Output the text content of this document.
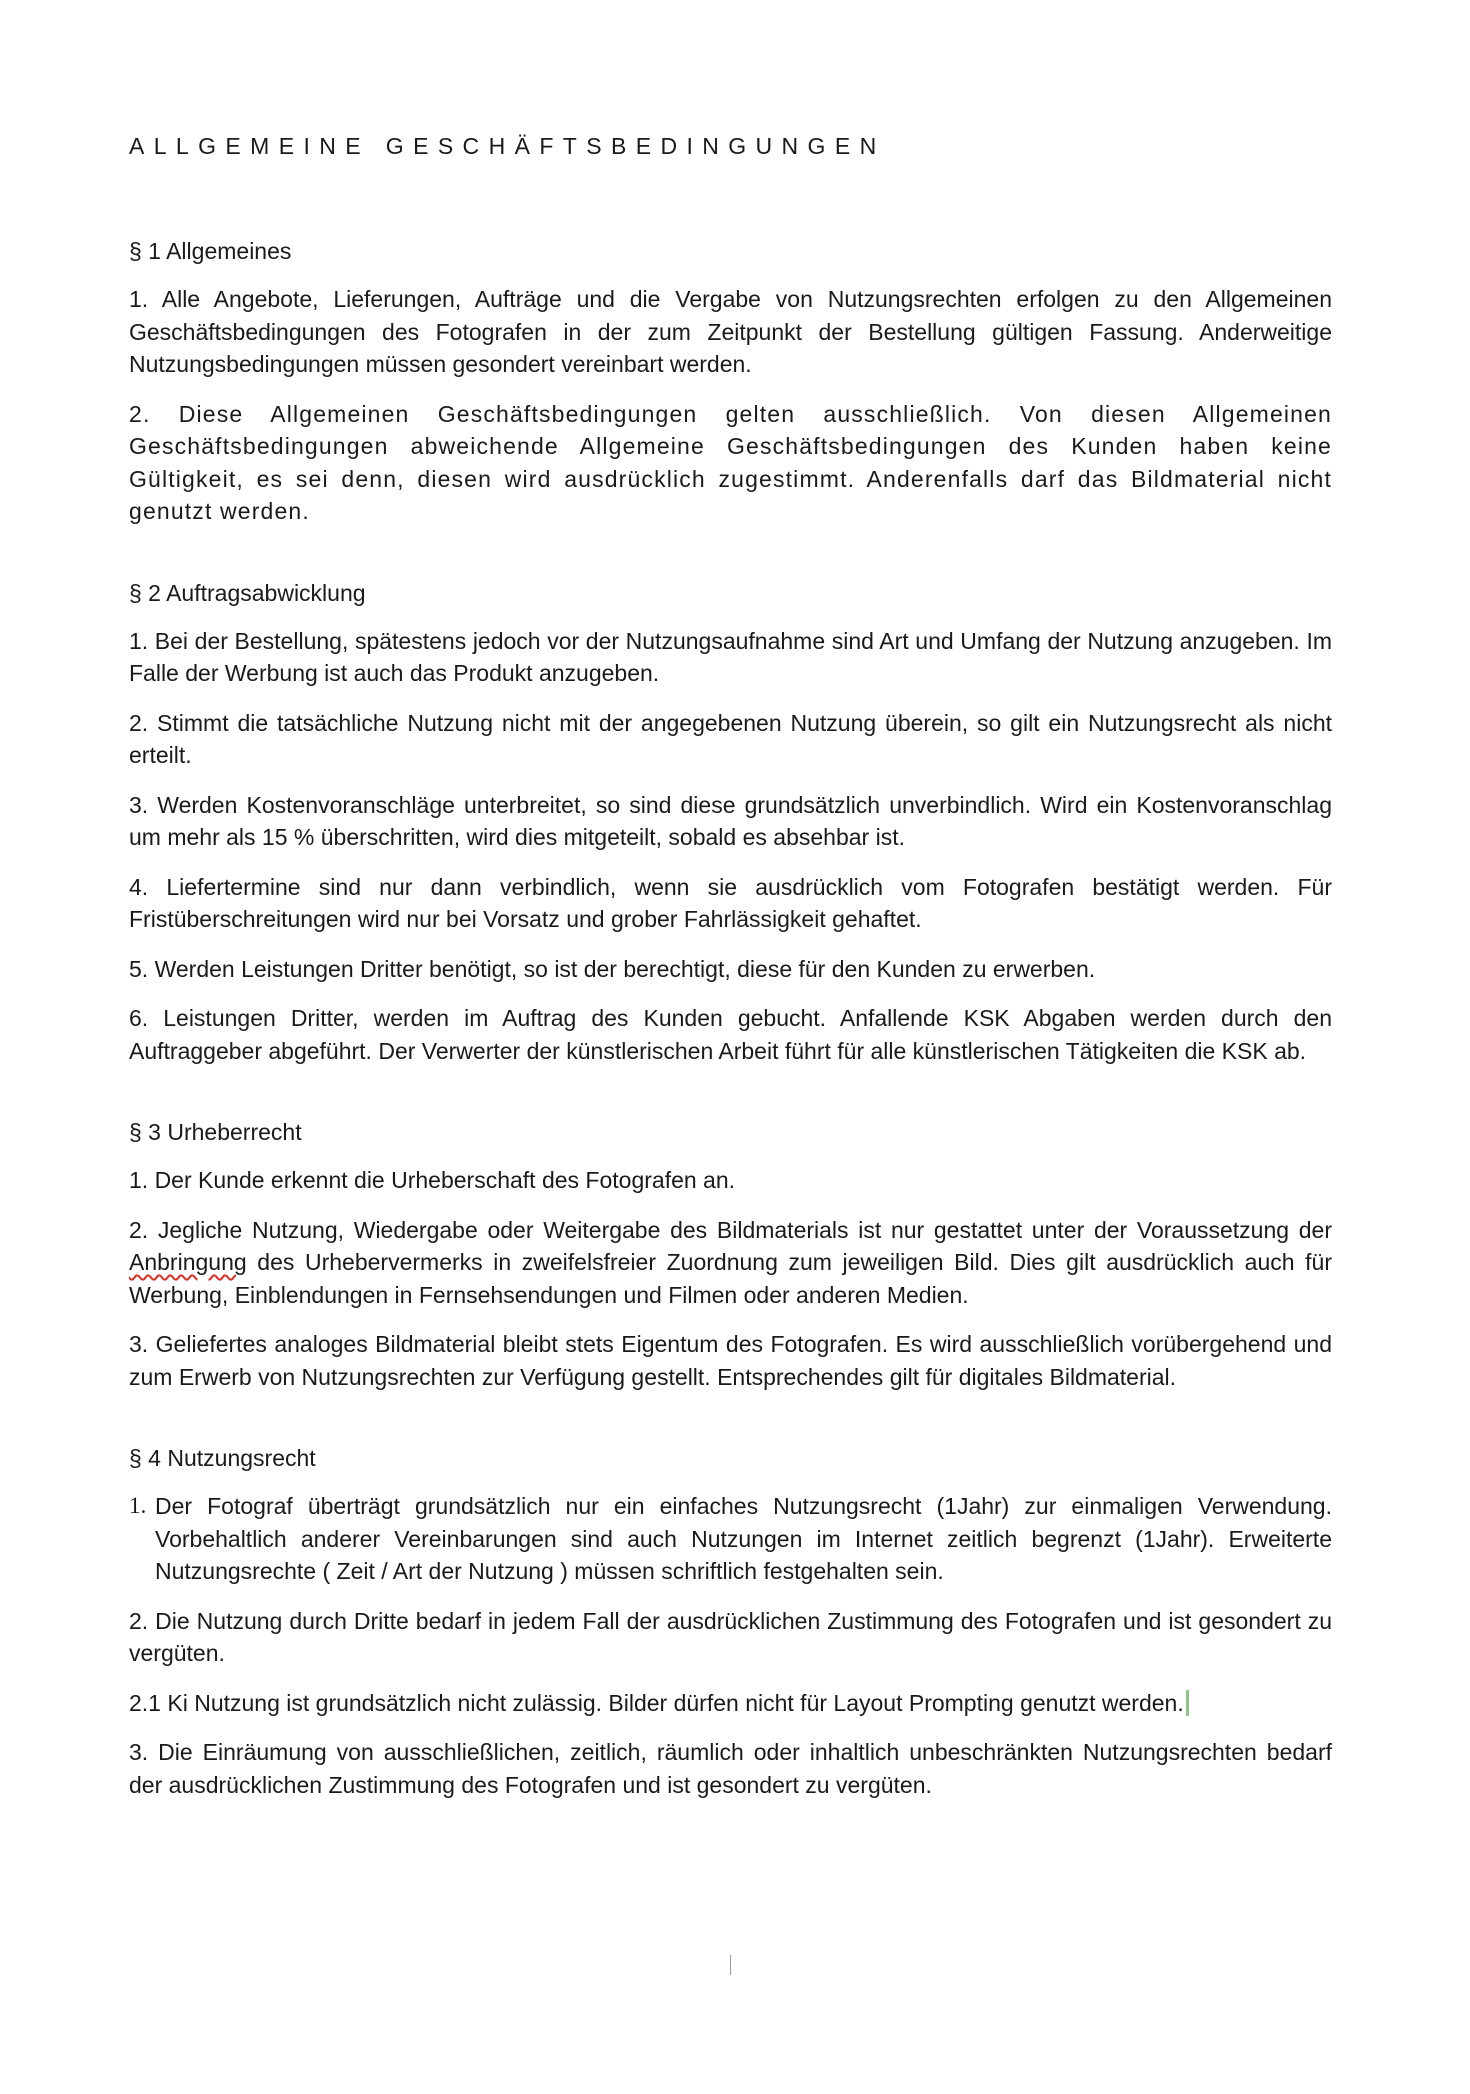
ALLGEMEINE GESCHÄFTSBEDINGUNGEN
§ 1 Allgemeines

1. Alle Angebote, Lieferungen, Aufträge und die Vergabe von Nutzungsrechten erfolgen zu den Allgemeinen Geschäftsbedingungen des Fotografen in der zum Zeitpunkt der Bestellung gültigen Fassung. Anderweitige Nutzungsbedingungen müssen gesondert vereinbart werden.

2. Diese Allgemeinen Geschäftsbedingungen gelten ausschließlich. Von diesen Allgemeinen Geschäftsbedingungen abweichende Allgemeine Geschäftsbedingungen des Kunden haben keine Gültigkeit, es sei denn, diesen wird ausdrücklich zugestimmt. Anderenfalls darf das Bildmaterial nicht genutzt werden.

§ 2 Auftragsabwicklung

1. Bei der Bestellung, spätestens jedoch vor der Nutzungsaufnahme sind Art und Umfang der Nutzung anzugeben. Im Falle der Werbung ist auch das Produkt anzugeben.

2. Stimmt die tatsächliche Nutzung nicht mit der angegebenen Nutzung überein, so gilt ein Nutzungsrecht als nicht erteilt.

3. Werden Kostenvoranschläge unterbreitet, so sind diese grundsätzlich unverbindlich. Wird ein Kostenvoranschlag um mehr als 15 % überschritten, wird dies mitgeteilt, sobald es absehbar ist.

4. Liefertermine sind nur dann verbindlich, wenn sie ausdrücklich vom Fotografen bestätigt werden. Für Fristüberschreitungen wird nur bei Vorsatz und grober Fahrlässigkeit gehaftet.

5. Werden Leistungen Dritter benötigt, so ist der berechtigt, diese für den Kunden zu erwerben.

6. Leistungen Dritter, werden im Auftrag des Kunden gebucht. Anfallende KSK Abgaben werden durch den Auftraggeber abgeführt. Der Verwerter der künstlerischen Arbeit führt für alle künstlerischen Tätigkeiten die KSK ab.

§ 3 Urheberrecht

1. Der Kunde erkennt die Urheberschaft des Fotografen an.

2. Jegliche Nutzung, Wiedergabe oder Weitergabe des Bildmaterials ist nur gestattet unter der Voraussetzung der Anbringung des Urhebervermerks in zweifelsfreier Zuordnung zum jeweiligen Bild. Dies gilt ausdrücklich auch für Werbung, Einblendungen in Fernsehsendungen und Filmen oder anderen Medien.

3. Geliefertes analoges Bildmaterial bleibt stets Eigentum des Fotografen. Es wird ausschließlich vorübergehend und zum Erwerb von Nutzungsrechten zur Verfügung gestellt. Entsprechendes gilt für digitales Bildmaterial.

§ 4 Nutzungsrecht

1. Der Fotograf überträgt grundsätzlich nur ein einfaches Nutzungsrecht (1Jahr) zur einmaligen Verwendung. Vorbehaltlich anderer Vereinbarungen sind auch Nutzungen im Internet zeitlich begrenzt (1Jahr). Erweiterte Nutzungsrechte ( Zeit / Art der Nutzung ) müssen schriftlich festgehalten sein.

2. Die Nutzung durch Dritte bedarf in jedem Fall der ausdrücklichen Zustimmung des Fotografen und ist gesondert zu vergüten.

2.1 Ki Nutzung ist grundsätzlich nicht zulässig. Bilder dürfen nicht für Layout Prompting genutzt werden.

3. Die Einräumung von ausschließlichen, zeitlich, räumlich oder inhaltlich unbeschränkten Nutzungsrechten bedarf der ausdrücklichen Zustimmung des Fotografen und ist gesondert zu vergüten.
